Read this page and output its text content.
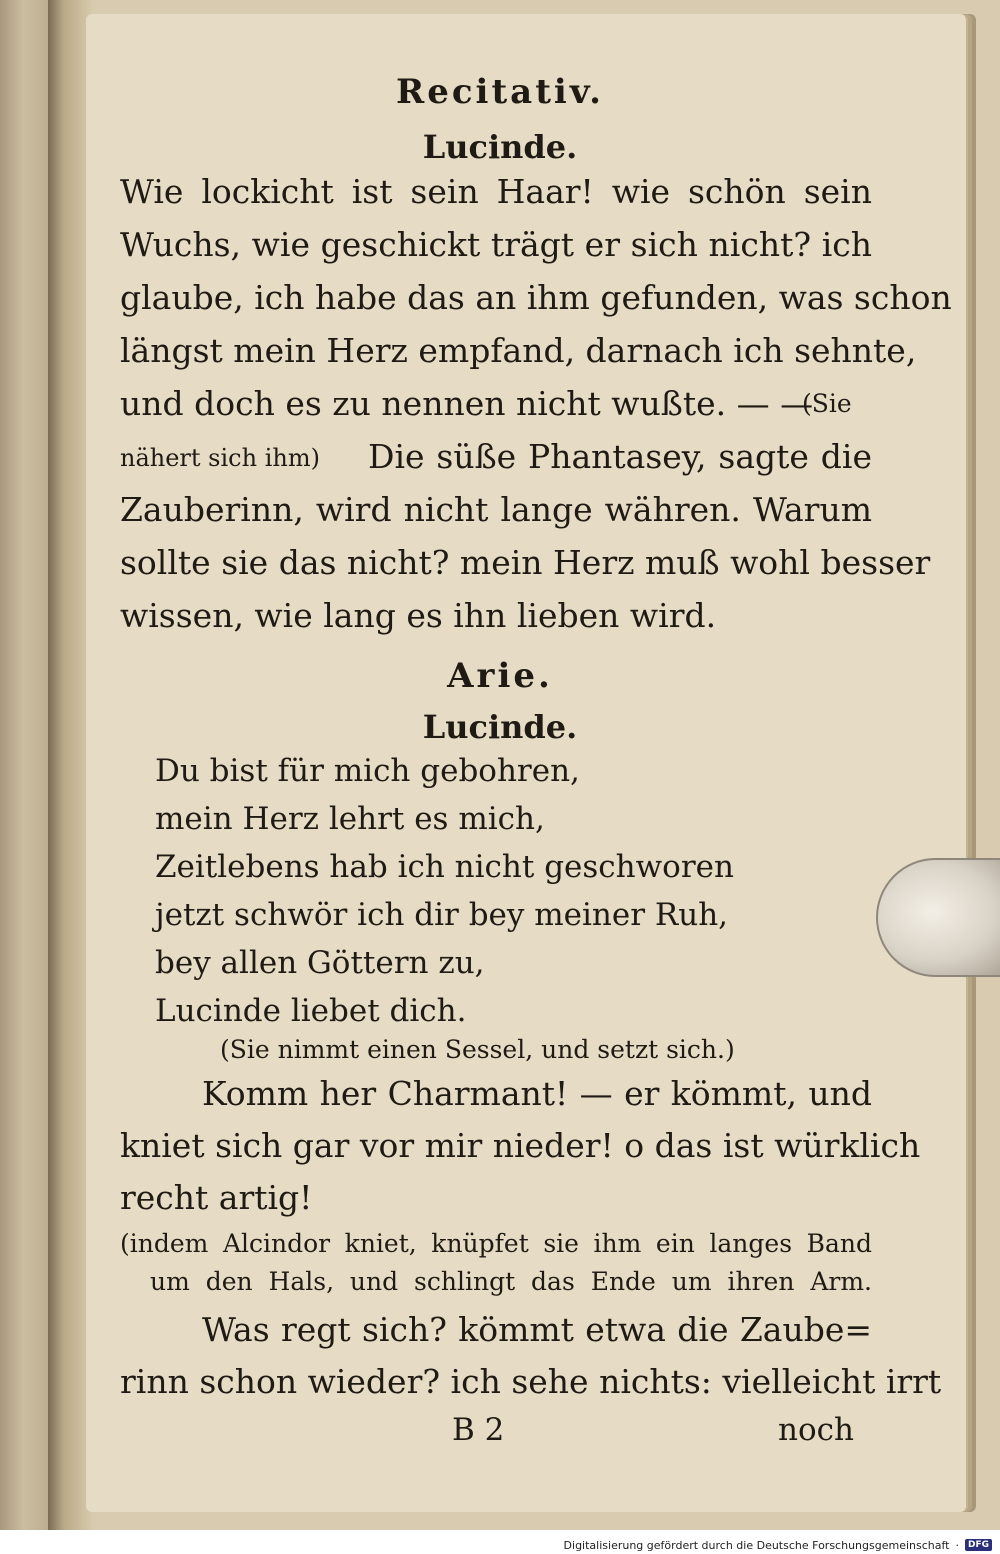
Recitativ.
Lucinde.
Wie lockicht ist sein Haar! wie schön sein
Wuchs, wie geschickt trägt er sich nicht? ich
glaube, ich habe das an ihm gefunden, was schon
längst mein Herz empfand, darnach ich sehnte,
und doch es zu nennen nicht wußte. — —
(Sie
nähert sich ihm) Die süße Phantasey, sagte die
Zauberinn, wird nicht lange währen. Warum
sollte sie das nicht? mein Herz muß wohl besser
wissen, wie lang es ihn lieben wird.
Arie.
Lucinde.
Du bist für mich gebohren,
mein Herz lehrt es mich,
Zeitlebens hab ich nicht geschworen
jetzt schwör ich dir bey meiner Ruh,
bey allen Göttern zu,
Lucinde liebet dich.
(Sie nimmt einen Sessel, und setzt sich.)
Komm her Charmant! — er kömmt, und
kniet sich gar vor mir nieder! o das ist würklich
recht artig!
(indem Alcindor kniet, knüpfet sie ihm ein langes Band
um den Hals, und schlingt das Ende um ihren Arm.
Was regt sich? kömmt etwa die Zaube=
rinn schon wieder? ich sehe nichts: vielleicht irrt
B 2	noch
Digitalisierung gefördert durch die Deutsche Forschungsgemeinschaft ·	DFG
